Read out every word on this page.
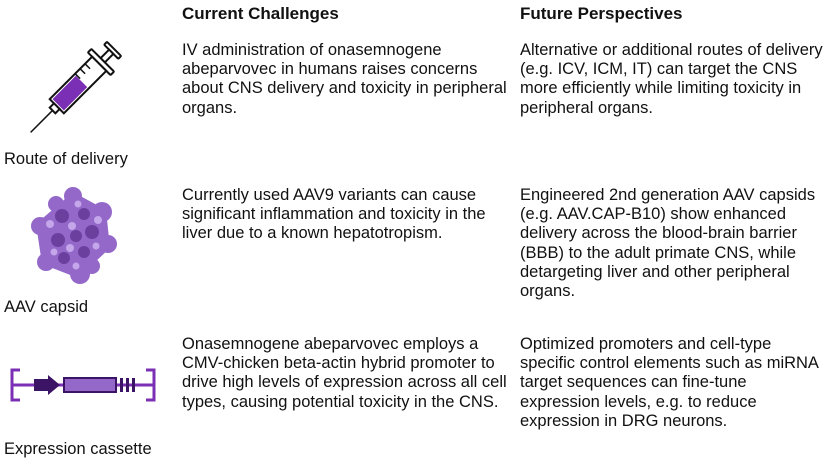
Current Challenges	Future Perspectives
Route of delivery
IV administration of onasemnogene abeparvovec in humans raises concerns about CNS delivery and toxicity in peripheral organs.
Alternative or additional routes of delivery (e.g. ICV, ICM, IT) can target the CNS more efficiently while limiting toxicity in peripheral organs.
AAV capsid
Currently used AAV9 variants can cause significant inflammation and toxicity in the liver due to a known hepatotropism.
Engineered 2nd generation AAV capsids (e.g. AAV.CAP-B10) show enhanced delivery across the blood-brain barrier (BBB) to the adult primate CNS, while detargeting liver and other peripheral organs.
Expression cassette
Onasemnogene abeparvovec employs a CMV-chicken beta-actin hybrid promoter to drive high levels of expression across all cell types, causing potential toxicity in the CNS.
Optimized promoters and cell-type specific control elements such as miRNA target sequences can fine-tune expression levels, e.g. to reduce expression in DRG neurons.
